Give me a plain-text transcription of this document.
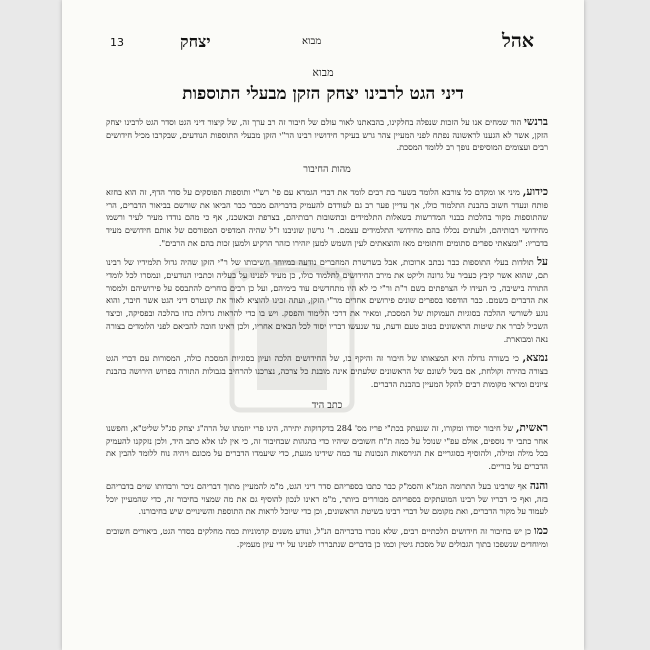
אהל
מבוא
יצחק
13
מבוא
דיני הגט לרבינו יצחק הזקן מבעלי התוספות

ברנשי הוד שמחים אנו על הזכות שנפלה בחלקינו, בהבאתנו לאור עולם של חיבור זה רב ערך זה, של קיצור דיני הגט וסדר הגט לרבינו יצחק הזקן, אשר לא הגענו לראשונה נפתח לפני המעיין צהר גרש בעיקר חידושיו רבינו הר"י הזקן מבעלי התוספות הנודעים, שבקרבו מכיל חידושים רבים ועצומים המוסיפים נופך רב ללומד המסכת.

מהות החיבור

כידוע, מיני או ומקדם כל צורבא הלומד בשער בת רבים לומד את דברי הגמרא עם פי' רש"י ותוספות הפוסקים על סדר הדף, זה הוא בחזא פותח ונעדר חשוב בהבנת התלמוד כולו, אך עדיין פער רב גם לעודדם להעמיק בדבריהם מכבר כבר הביאו את שורשם בביאור הדברים, הרי שהתוספות מקור בהלכות בבנוי המדרשות בשאלות התלמידים ובתשובות רבותיהם, בצרפת ובאשכנז, אף כי מהם נודדו מעיר לעיר ורשמו מחידושי רבותיהם, ולעתים נכללו בהם מחידושי התלמידים עצמם. ר' גרשון שוניבנו ז"ל שהיה המדפיס המפורסם של אותם חידושים מעיד בדבריו: "ומצאתי ספרים סתומים וחתומים מאז והוצאתים לעין השמש למען יזהירו כזהר הרקיע ולמען זכות בהם את הרבים".

על תולדות בעלי התוספות כבר נכתב ארוכות, אבל בשרשרת המחברים נודעה במיוחד חשיבותו של ר"י הזקן שהיה גדול תלמידיו של רבינו תם, שהוא אשר קיבץ כעביר על גרונה וליקט את מירב החידושים לתלמוד כולו, כן מעיד לפנינו על בעליה וכתביו הנודעים, ונמסרו לכל לומדי התורה בישיבה, כי העידו לי הצרפתים בשם ר"ת ור"י כי לא היו מתחדשים עוד בימיהם, ועל כן רבים בוחרים להתבסס על פירושיהם ולמסור את הדברים בשמם. כבר הודפסו בספרים שונים פירושים אחדים מר"י הזקן, ועתה זכינו להוציא לאור את קונטרס דיני הגט אשר חיבר, והוא נוגע לשורשי ההלכה בסוגיות העמוקות של המסכת, ומאיר את דרכי הלימוד והפסק. ויש בו כדי להראות גדולת כחו בהלכה ובפסיקה, וכיצד השכיל לברר את שיטות הראשונים בטוב טעם ודעת, עד שנעשו דבריו יסוד לכל הבאים אחריו, ולכן ראינו חובה להביאם לפני הלומדים בצורה נאה ומבוארת.

נמצא, כי בשורה גדולה היא המצאותו של חיבור זה והיקף בו, של החידושים הלכה ועיון בסוגיות המסכת כולה, המסורות עם דברי הגט בצורה בהירה וקולחת, אם בשל לשונם של הראשונים שלעתים אינה מובנת כל צרכה, נצרכנו להרחיב בגבולות התורה בפרוש הירושה בהבנת ציונים ומראי מקומות רבים להקל המעיין בהבנת הדברים.

כתב היד

ראשית, של חיבור יסודו ומקורו, זה שנעתק בכת"י פריז מס' 284 בדקדוקות יתירה, הינו פרי יוזמתו של הרה"ג יצחק סג"ל שליט"א, וחפשנו אחר כתבי יד נוספים, אולם עפ"י שנוכל על כמה ת"ח חשובים שיהיו כדי בהגהות שבחיבור זה, כי אין לנו אלא כתב היד, ולכן נזקקנו להעמיק בכל מילה ומילה, ולהוסיף בסוגריים את הגירסאות הנכונות עד כמה שידינו מגעת, כדי שיעמדו הדברים על מכונם ויהיה נוח ללומד להבין את הדברים על בוריים.

והנה אף שרבינו בעל התרומה המג"א והסמ"ק כבר כתבו בספריהם סדר דיני הגט, מ"מ להמעיין מתוך דבריהם ניכר ורבדותו שוים בדבריהם בזה, ואף כי דבריו של רבינו המועתקים בספריהם מבוררים ביותר, מ"מ ראינו לנכון להוסיף גם את מה שמצוי בחיבור זה, כדי שהמעיין יוכל לעמוד על מקור הדברים, ואת מקומם של דברי רבינו בשיטת הראשונים, וכן כדי שיוכל לראות את התוספת והשינויים שיש בחיבורנו.

כמו כן יש בחיבור זה חידושים הלכתיים רבים, שלא נזכרו בדבריהם הנ"ל, ונודע משנים קדמוניות כמה מחלקים בסדר הגט, ביאורים חשובים ומיוחדים שנשפכו בתוך הגבולים של מסכת גיטין וכמו כן בדברים שנתבררו לפנינו על ידי עיון מעמיק.
